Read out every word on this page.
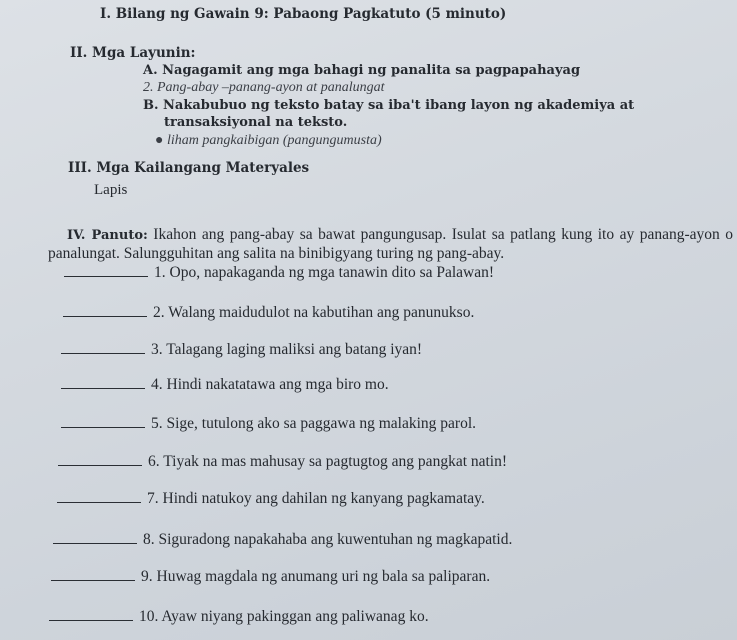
I. Bilang ng Gawain 9: Pabaong Pagkatuto (5 minuto)
II. Mga Layunin:
A. Nagagamit ang mga bahagi ng panalita sa pagpapahayag
2. Pang-abay –panang-ayon at panalungat
B. Nakabubuo ng teksto batay sa iba't ibang layon ng akademiya at
transaksiyonal na teksto.
● liham pangkaibigan (pangungumusta)
III. Mga Kailangang Materyales
Lapis
IV. Panuto: Ikahon ang pang-abay sa bawat pangungusap. Isulat sa patlang kung ito ay panang-ayon o panalungat. Salungguhitan ang salita na binibigyang turing ng pang-abay.
1. Opo, napakaganda ng mga tanawin dito sa Palawan!
2. Walang maidudulot na kabutihan ang panunukso.
3. Talagang laging maliksi ang batang iyan!
4. Hindi nakatatawa ang mga biro mo.
5. Sige, tutulong ako sa paggawa ng malaking parol.
6. Tiyak na mas mahusay sa pagtugtog ang pangkat natin!
7. Hindi natukoy ang dahilan ng kanyang pagkamatay.
8. Siguradong napakahaba ang kuwentuhan ng magkapatid.
9. Huwag magdala ng anumang uri ng bala sa paliparan.
10. Ayaw niyang pakinggan ang paliwanag ko.
